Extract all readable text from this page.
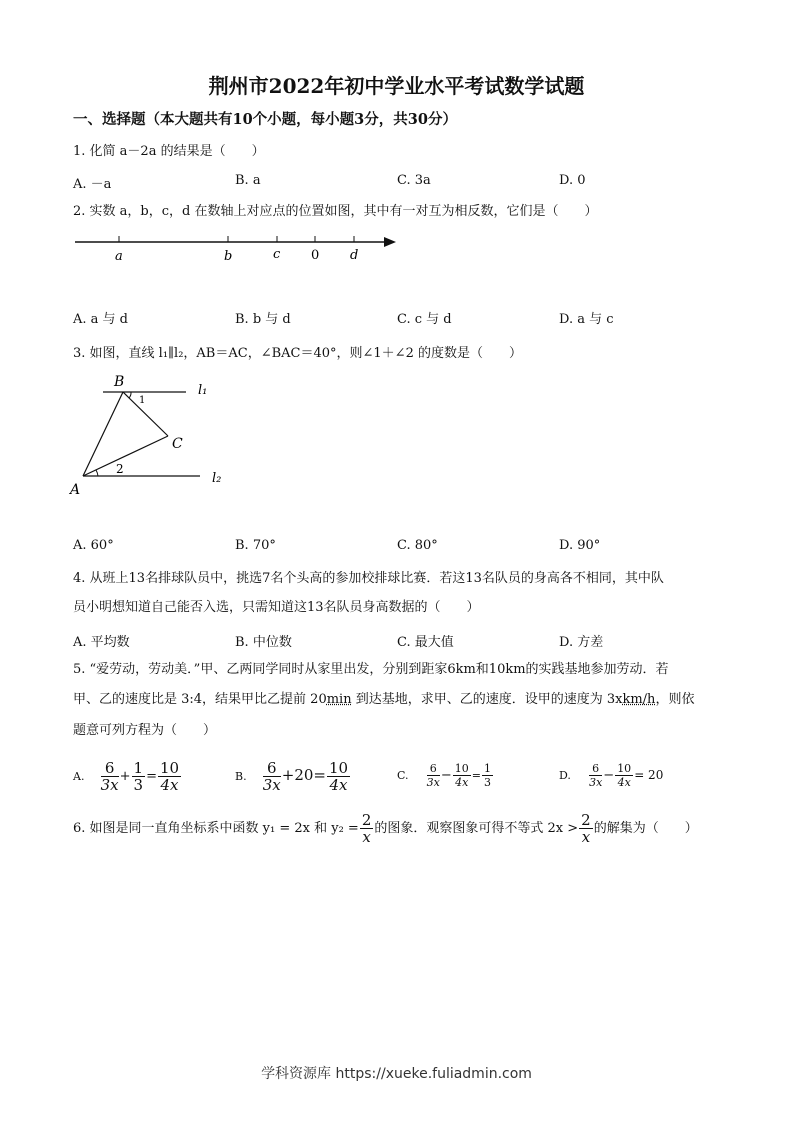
荆州市2022年初中学业水平考试数学试题
一、选择题（本大题共有10个小题，每小题3分，共30分）
1. 化简 a－2a 的结果是（　　）
A. －a	B. a	C. 3a	D. 0
2. 实数 a，b，c，d 在数轴上对应点的位置如图，其中有一对互为相反数，它们是（　　）
a	b	c 0 d
A. a 与 d	B. b 与 d	C. c 与 d	D. a 与 c
3. 如图，直线 l₁∥l₂，AB＝AC，∠BAC＝40°，则∠1＋∠2 的度数是（　　）
B
C
A
l₁
l₂
1
2
A. 60°	B. 70°	C. 80°	D. 90°
4. 从班上13名排球队员中，挑选7名个头高的参加校排球比赛．若这13名队员的身高各不相同，其中队
员小明想知道自己能否入选，只需知道这13名队员身高数据的（　　）
A. 平均数	B. 中位数	C. 最大值	D. 方差
5. “爱劳动，劳动美．”甲、乙两同学同时从家里出发，分别到距家6km和10km的实践基地参加劳动．若
甲、乙的速度比是 3:4，结果甲比乙提前 20min 到达基地，求甲、乙的速度．设甲的速度为 3xkm/h，则依
题意可列方程为（　　）
A. $\frac{6}{3x} + \frac{1}{3} = \frac{10}{4x}$	B. $\frac{6}{3x} +20= \frac{10}{4x}$	C. $\frac{6}{3x} - \frac{10}{4x} = \frac{1}{3}$	D. $\frac{6}{3x} - \frac{10}{4x} = 20$
6. 如图是同一直角坐标系中函数 y₁ = 2x 和 $y_2 = \frac{2}{x}$ 的图象．观察图象可得不等式 $2x > \frac{2}{x}$ 的解集为（　　）
学科资源库 https://xueke.fuliadmin.com
